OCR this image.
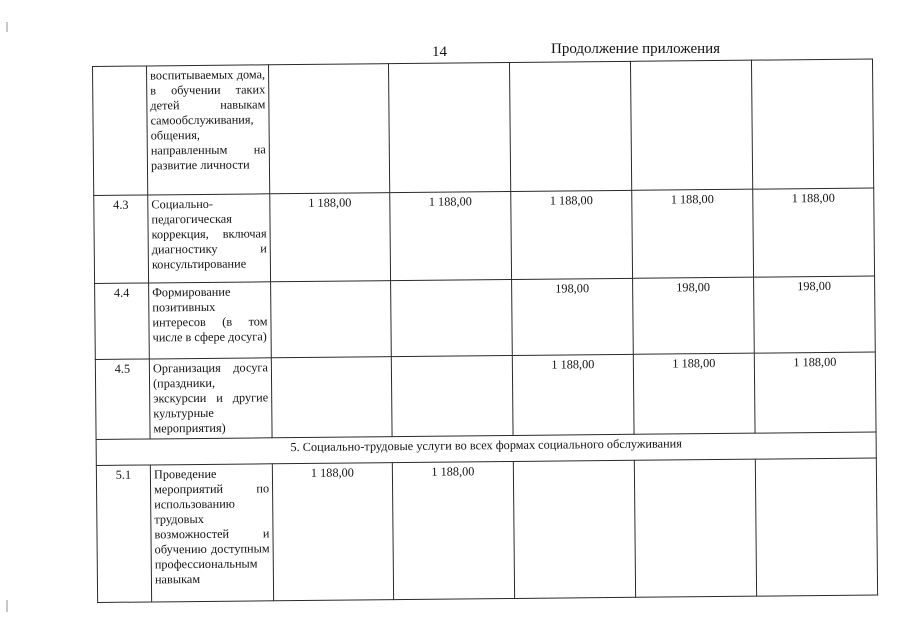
14	Продолжение приложения
	воспитываемых дома, в обучении таких детей навыкам самообслуживания, общения, направленным на развитие личности					
4.3	Социально-педагогическая коррекция, включая диагностику и консультирование	1 188,00	1 188,00	1 188,00	1 188,00	1 188,00
4.4	Формирование позитивных интересов (в том числе в сфере досуга)			198,00	198,00	198,00
4.5	Организация досуга (праздники, экскурсии и другие культурные мероприятия)			1 188,00	1 188,00	1 188,00
5. Социально-трудовые услуги во всех формах социального обслуживания						
5.1	Проведение мероприятий по использованию трудовых возможностей и обучению доступным профессиональным навыкам	1 188,00	1 188,00			
